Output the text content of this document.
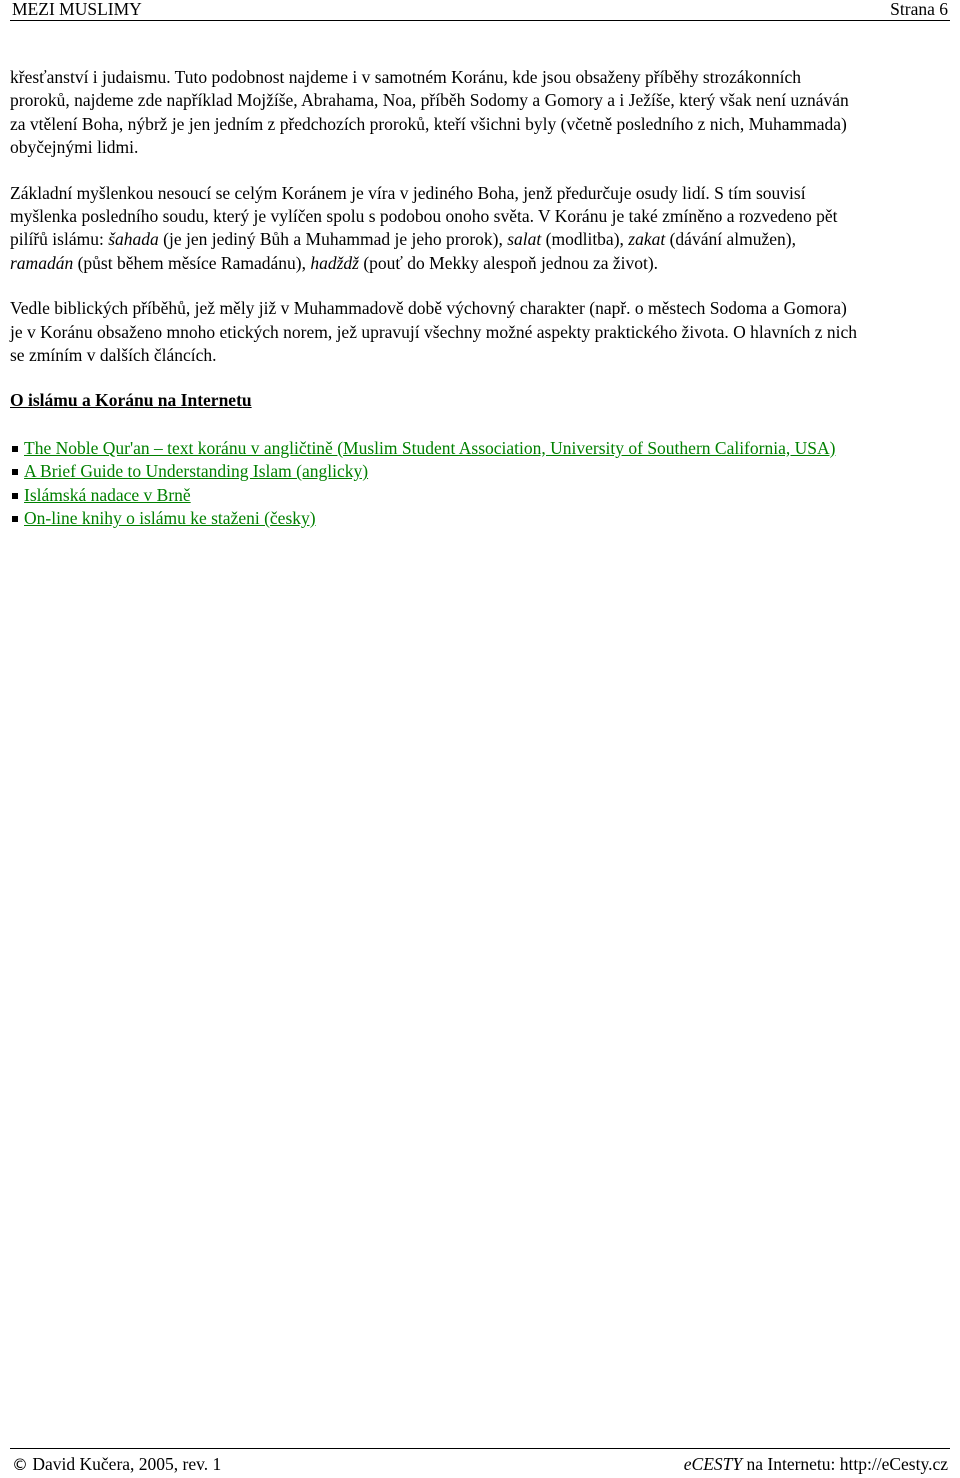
MEZI MUSLIMY	Strana 6

křesťanství i judaismu. Tuto podobnost najdeme i v samotném Koránu, kde jsou obsaženy příběhy strozákonních
proroků, najdeme zde například Mojžíše, Abrahama, Noa, příběh Sodomy a Gomory a i Ježíše, který však není uznáván
za vtělení Boha, nýbrž je jen jedním z předchozích proroků, kteří všichni byly (včetně posledního z nich, Muhammada)
obyčejnými lidmi.

Základní myšlenkou nesoucí se celým Koránem je víra v jediného Boha, jenž předurčuje osudy lidí. S tím souvisí
myšlenka posledního soudu, který je vylíčen spolu s podobou onoho světa. V Koránu je také zmíněno a rozvedeno pět
pilířů islámu: šahada (je jen jediný Bůh a Muhammad je jeho prorok), salat (modlitba), zakat (dávání almužen),
ramadán (půst během měsíce Ramadánu), hadždž (pouť do Mekky alespoň jednou za život).

Vedle biblických příběhů, jež měly již v Muhammadově době výchovný charakter (např. o městech Sodoma a Gomora)
je v Koránu obsaženo mnoho etických norem, jež upravují všechny možné aspekty praktického života. O hlavních z nich
se zmíním v dalších článcích.

O islámu a Koránu na Internetu
The Noble Qur'an – text koránu v angličtině (Muslim Student Association, University of Southern California, USA)
A Brief Guide to Understanding Islam (anglicky)
Islámská nadace v Brně
On-line knihy o islámu ke staženi (česky)
© David Kučera, 2005, rev. 1	eCESTY na Internetu: http://eCesty.cz
